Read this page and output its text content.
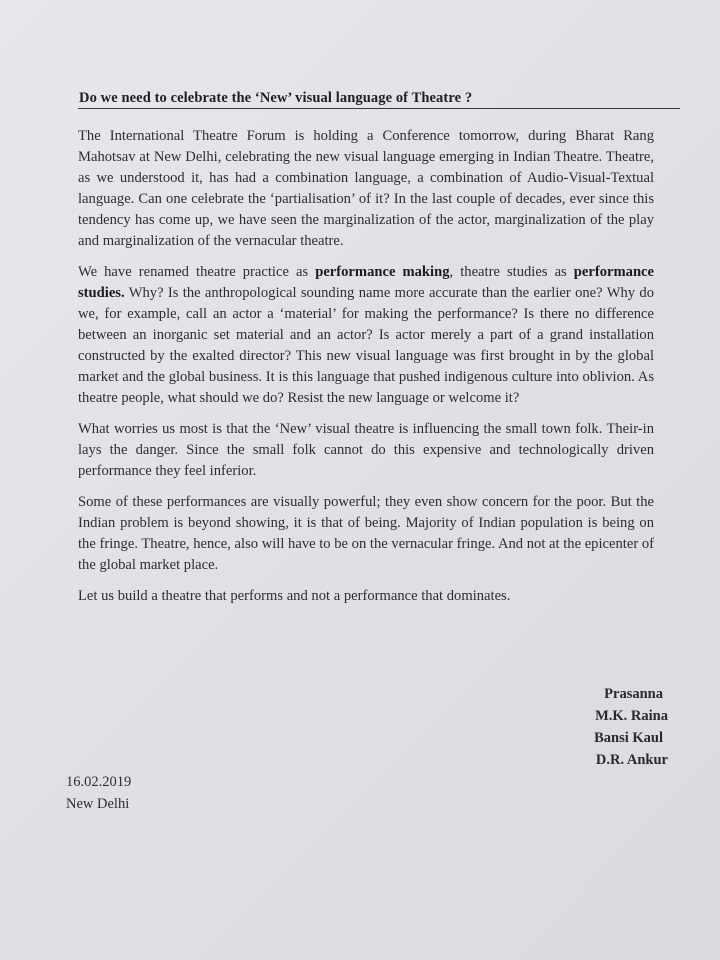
Do we need to celebrate the ‘New’ visual language of Theatre ?

The International Theatre Forum is holding a Conference tomorrow, during Bharat Rang Mahotsav at New Delhi, celebrating the new visual language emerging in Indian Theatre. Theatre, as we understood it, has had a combination language, a combination of Audio-Visual-Textual language. Can one celebrate the ‘partialisation’ of it? In the last couple of decades, ever since this tendency has come up, we have seen the marginalization of the actor, marginalization of the play and marginalization of the vernacular theatre.

We have renamed theatre practice as performance making, theatre studies as performance studies. Why? Is the anthropological sounding name more accurate than the earlier one? Why do we, for example, call an actor a ‘material’ for making the performance? Is there no difference between an inorganic set material and an actor? Is actor merely a part of a grand installation constructed by the exalted director? This new visual language was first brought in by the global market and the global business. It is this language that pushed indigenous culture into oblivion. As theatre people, what should we do? Resist the new language or welcome it?

What worries us most is that the ‘New’ visual theatre is influencing the small town folk. Their-in lays the danger. Since the small folk cannot do this expensive and technologically driven performance they feel inferior.

Some of these performances are visually powerful; they even show concern for the poor. But the Indian problem is beyond showing, it is that of being. Majority of Indian population is being on the fringe. Theatre, hence, also will have to be on the vernacular fringe. And not at the epicenter of the global market place.

Let us build a theatre that performs and not a performance that dominates.

Prasanna
M.K. Raina
Bansi Kaul
D.R. Ankur
16.02.2019
New Delhi
